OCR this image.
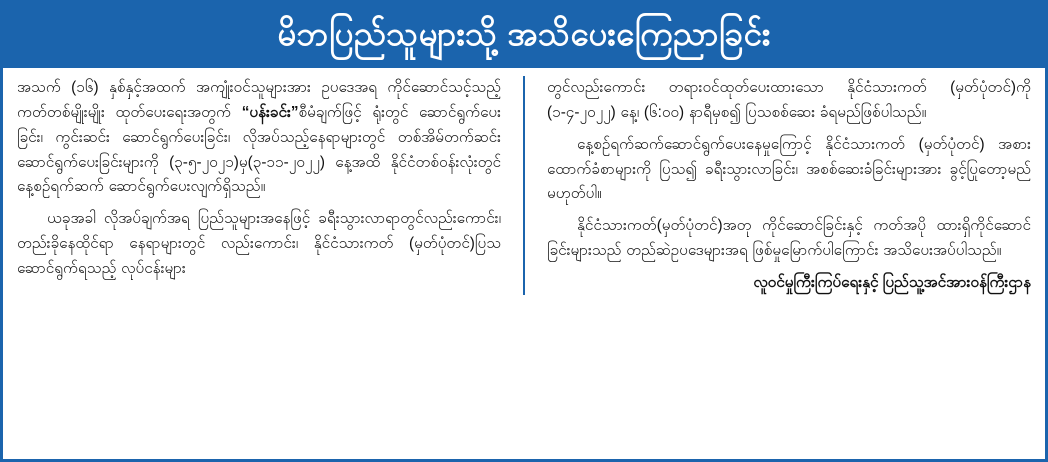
မိဘပြည်သူများသို့ အသိပေးကြေညာခြင်း

အသက် (၁၆) နှစ်နှင့်အထက် အကျုံးဝင်သူများအား ဥပဒေအရ ကိုင်ဆောင်သင့်သည့် ကတ်တစ်မျိုးမျိုး ထုတ်ပေးရေးအတွက် “ပန်းခင်း”စီမံချက်ဖြင့် ရုံးတွင် ဆောင်ရွက်ပေးခြင်း၊ ကွင်းဆင်း ဆောင်ရွက်ပေးခြင်း၊ လိုအပ်သည့်နေရာများတွင် တစ်အိမ်တက်ဆင်း ဆောင်ရွက်ပေးခြင်းများကို (၃-၅-၂၀၂၁)မှ(၃-၁၁-၂၀၂၂) နေ့အထိ နိုင်ငံတစ်ဝန်းလုံးတွင် နေ့စဉ်ရက်ဆက် ဆောင်ရွက်ပေးလျက်ရှိသည်။

ယခုအခါ လိုအပ်ချက်အရ ပြည်သူများအနေဖြင့် ခရီးသွားလာရာတွင်လည်းကောင်း၊ တည်းခိုနေထိုင်ရာ နေရာများတွင် လည်းကောင်း၊ နိုင်ငံသားကတ် (မှတ်ပုံတင်)ပြသဆောင်ရွက်ရသည့် လုပ်ငန်းများ

တွင်လည်းကောင်း တရားဝင်ထုတ်ပေးထားသော နိုင်ငံသားကတ် (မှတ်ပုံတင်)ကို (၁-၄-၂၀၂၂) နေ့၊ (၆:၀၀) နာရီမှစ၍ ပြသစစ်ဆေး ခံရမည်ဖြစ်ပါသည်။

နေ့စဉ်ရက်ဆက်ဆောင်ရွက်ပေးနေမှုကြောင့် နိုင်ငံသားကတ် (မှတ်ပုံတင်) အစား ထောက်ခံစာများကို ပြသ၍ ခရီးသွားလာခြင်း၊ အစစ်ဆေးခံခြင်းများအား ခွင့်ပြုတော့မည်မဟုတ်ပါ။

နိုင်ငံသားကတ်(မှတ်ပုံတင်)အတု ကိုင်ဆောင်ခြင်းနှင့် ကတ်အပို ထားရှိကိုင်ဆောင်ခြင်းများသည် တည်ဆဲဥပဒေများအရ ဖြစ်မှုမြောက်ပါကြောင်း အသိပေးအပ်ပါသည်။

လူဝင်မှုကြီးကြပ်ရေးနှင့် ပြည်သူ့အင်အားဝန်ကြီးဌာန
